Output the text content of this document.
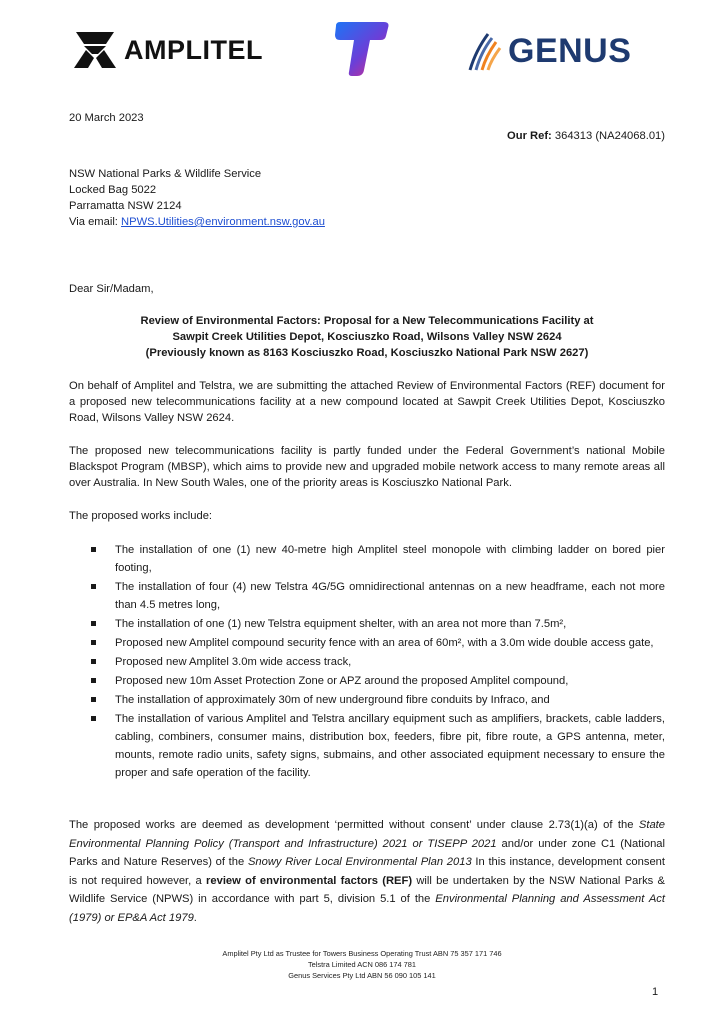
AMPLITEL	GENUS
20 March 2023
Our Ref: 364313 (NA24068.01)
NSW National Parks & Wildlife Service
Locked Bag 5022
Parramatta NSW 2124
Via email: NPWS.Utilities@environment.nsw.gov.au
Dear Sir/Madam,
Review of Environmental Factors: Proposal for a New Telecommunications Facility at
Sawpit Creek Utilities Depot, Kosciuszko Road, Wilsons Valley NSW 2624
(Previously known as 8163 Kosciuszko Road, Kosciuszko National Park NSW 2627)
On behalf of Amplitel and Telstra, we are submitting the attached Review of Environmental Factors (REF) document for a proposed new telecommunications facility at a new compound located at Sawpit Creek Utilities Depot, Kosciuszko Road, Wilsons Valley NSW 2624.
The proposed new telecommunications facility is partly funded under the Federal Government’s national Mobile Blackspot Program (MBSP), which aims to provide new and upgraded mobile network access to many remote areas all over Australia. In New South Wales, one of the priority areas is Kosciuszko National Park.
The proposed works include:
The installation of one (1) new 40-metre high Amplitel steel monopole with climbing ladder on bored pier footing,
The installation of four (4) new Telstra 4G/5G omnidirectional antennas on a new headframe, each not more than 4.5 metres long,
The installation of one (1) new Telstra equipment shelter, with an area not more than 7.5m²,
Proposed new Amplitel compound security fence with an area of 60m², with a 3.0m wide double access gate,
Proposed new Amplitel 3.0m wide access track,
Proposed new 10m Asset Protection Zone or APZ around the proposed Amplitel compound,
The installation of approximately 30m of new underground fibre conduits by Infraco, and
The installation of various Amplitel and Telstra ancillary equipment such as amplifiers, brackets, cable ladders, cabling, combiners, consumer mains, distribution box, feeders, fibre pit, fibre route, a GPS antenna, meter, mounts, remote radio units, safety signs, submains, and other associated equipment necessary to ensure the proper and safe operation of the facility.
The proposed works are deemed as development ‘permitted without consent’ under clause 2.73(1)(a) of the State Environmental Planning Policy (Transport and Infrastructure) 2021 or TISEPP 2021 and/or under zone C1 (National Parks and Nature Reserves) of the Snowy River Local Environmental Plan 2013 In this instance, development consent is not required however, a review of environmental factors (REF) will be undertaken by the NSW National Parks & Wildlife Service (NPWS) in accordance with part 5, division 5.1 of the Environmental Planning and Assessment Act (1979) or EP&A Act 1979.
Amplitel Pty Ltd as Trustee for Towers Business Operating Trust ABN 75 357 171 746
Telstra Limited ACN 086 174 781
Genus Services Pty Ltd ABN 56 090 105 141
1
